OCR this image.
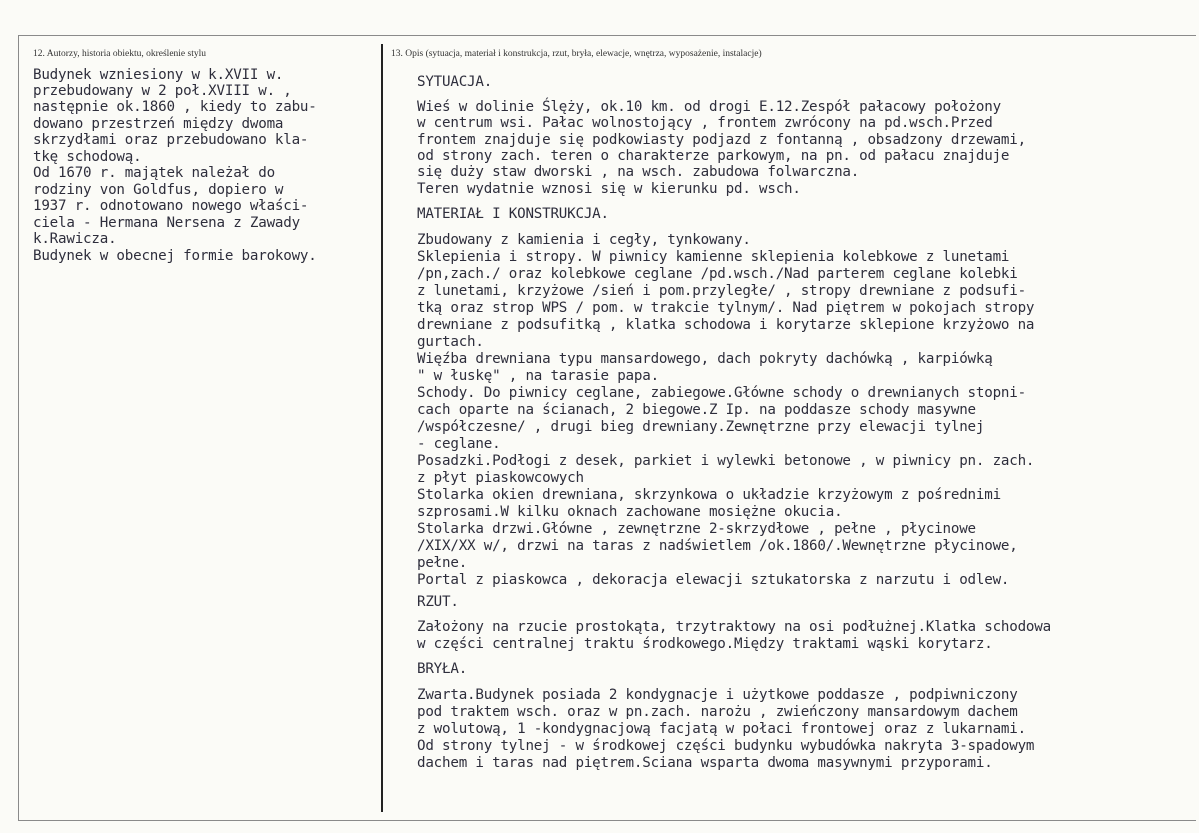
12. Autorzy, historia obiektu, określenie stylu	13. Opis (sytuacja, materiał i konstrukcja, rzut, bryła, elewacje, wnętrza, wyposażenie, instalacje)
Budynek wzniesiony w k.XVII w.
przebudowany w 2 poł.XVIII w. ,
następnie ok.1860 , kiedy to zabu-
dowano przestrzeń między dwoma
skrzydłami oraz przebudowano kla-
tkę schodową.
Od 1670 r. majątek należał do
rodziny von Goldfus, dopiero w
1937 r. odnotowano nowego właści-
ciela - Hermana Nersena z Zawady
k.Rawicza.
Budynek w obecnej formie barokowy.
SYTUACJA.
Wieś w dolinie Ślęży, ok.10 km. od drogi E.12.Zespół pałacowy położony
w centrum wsi. Pałac wolnostojący , frontem zwrócony na pd.wsch.Przed
frontem znajduje się podkowiasty podjazd z fontanną , obsadzony drzewami,
od strony zach. teren o charakterze parkowym, na pn. od pałacu znajduje
się duży staw dworski , na wsch. zabudowa folwarczna.
Teren wydatnie wznosi się w kierunku pd. wsch.
MATERIAŁ I KONSTRUKCJA.
Zbudowany z kamienia i cegły, tynkowany.
Sklepienia i stropy. W piwnicy kamienne sklepienia kolebkowe z lunetami
/pn,zach./ oraz kolebkowe ceglane /pd.wsch./Nad parterem ceglane kolebki
z lunetami, krzyżowe /sień i pom.przyległe/ , stropy drewniane z podsufi-
tką oraz strop WPS / pom. w trakcie tylnym/. Nad piętrem w pokojach stropy
drewniane z podsufitką , klatka schodowa i korytarze sklepione krzyżowo na
gurtach.
Więźba drewniana typu mansardowego, dach pokryty dachówką , karpiówką
" w łuskę" , na tarasie papa.
Schody. Do piwnicy ceglane, zabiegowe.Główne schody o drewnianych stopni-
cach oparte na ścianach, 2 biegowe.Z Ip. na poddasze schody masywne
/współczesne/ , drugi bieg drewniany.Zewnętrzne przy elewacji tylnej
- ceglane.
Posadzki.Podłogi z desek, parkiet i wylewki betonowe , w piwnicy pn. zach.
z płyt piaskowcowych
Stolarka okien drewniana, skrzynkowa o układzie krzyżowym z pośrednimi
szprosami.W kilku oknach zachowane mosiężne okucia.
Stolarka drzwi.Główne , zewnętrzne 2-skrzydłowe , pełne , płycinowe
/XIX/XX w/, drzwi na taras z nadświetlem /ok.1860/.Wewnętrzne płycinowe,
pełne.
Portal z piaskowca , dekoracja elewacji sztukatorska z narzutu i odlew.
RZUT.
Założony na rzucie prostokąta, trzytraktowy na osi podłużnej.Klatka schodowa
w części centralnej traktu środkowego.Między traktami wąski korytarz.
BRYŁA.
Zwarta.Budynek posiada 2 kondygnacje i użytkowe poddasze , podpiwniczony
pod traktem wsch. oraz w pn.zach. narożu , zwieńczony mansardowym dachem
z wolutową, 1 -kondygnacjową facjatą w połaci frontowej oraz z lukarnami.
Od strony tylnej - w środkowej części budynku wybudówka nakryta 3-spadowym
dachem i taras nad piętrem.Sciana wsparta dwoma masywnymi przyporami.
